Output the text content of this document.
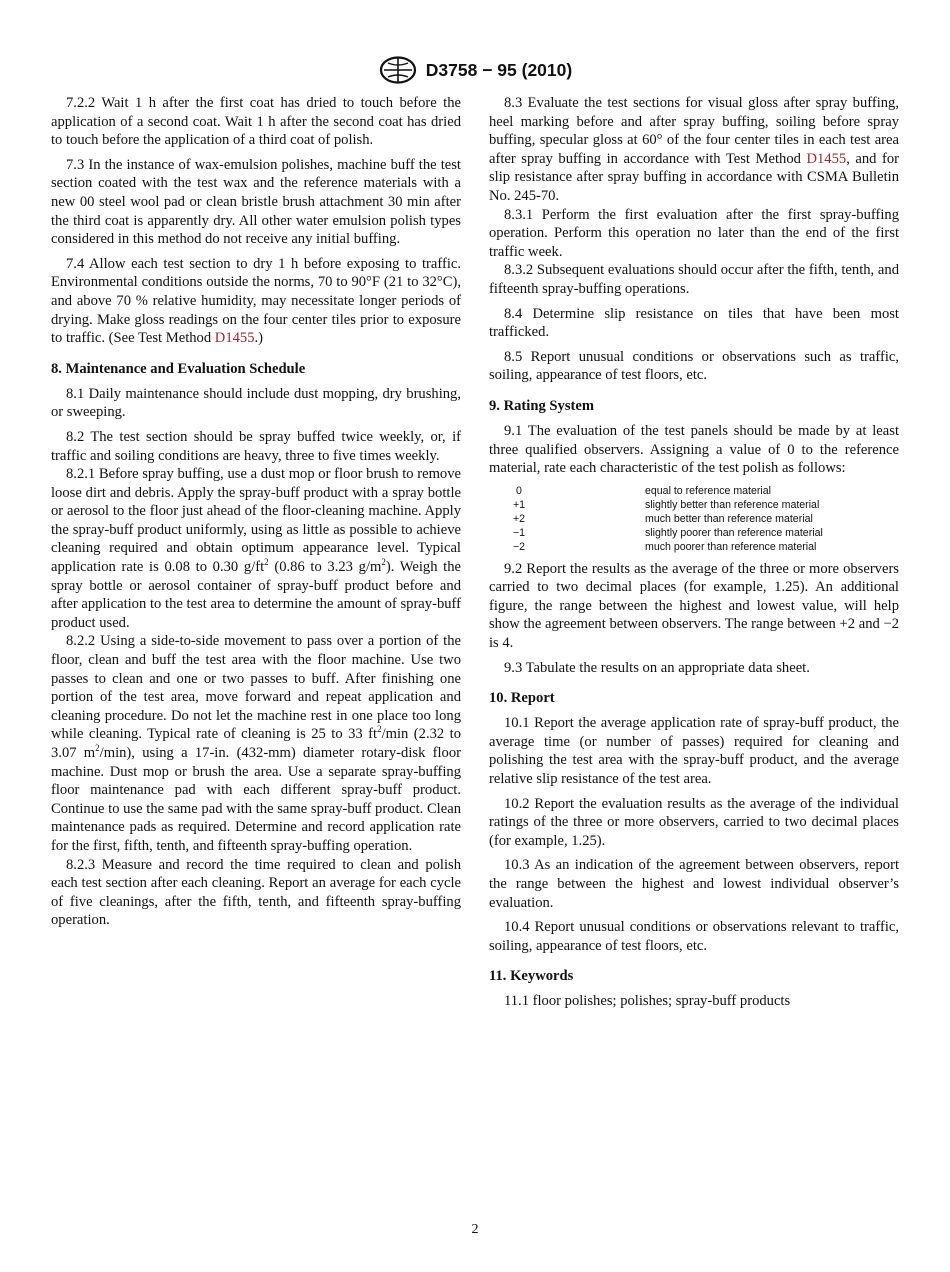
D3758 − 95 (2010)

7.2.2 Wait 1 h after the first coat has dried to touch before the application of a second coat. Wait 1 h after the second coat has dried to touch before the application of a third coat of polish.

7.3 In the instance of wax-emulsion polishes, machine buff the test section coated with the test wax and the reference materials with a new 00 steel wool pad or clean bristle brush attachment 30 min after the third coat is apparently dry. All other water emulsion polish types considered in this method do not receive any initial buffing.

7.4 Allow each test section to dry 1 h before exposing to traffic. Environmental conditions outside the norms, 70 to 90°F (21 to 32°C), and above 70 % relative humidity, may necessitate longer periods of drying. Make gloss readings on the four center tiles prior to exposure to traffic. (See Test Method D1455.)

8. Maintenance and Evaluation Schedule

8.1 Daily maintenance should include dust mopping, dry brushing, or sweeping.

8.2 The test section should be spray buffed twice weekly, or, if traffic and soiling conditions are heavy, three to five times weekly.

8.2.1 Before spray buffing, use a dust mop or floor brush to remove loose dirt and debris. Apply the spray-buff product with a spray bottle or aerosol to the floor just ahead of the floor-cleaning machine. Apply the spray-buff product uniformly, using as little as possible to achieve cleaning required and obtain optimum appearance level. Typical application rate is 0.08 to 0.30 $g/ft^2$ (0.86 to 3.23 $g/m^2$). Weigh the spray bottle or aerosol container of spray-buff product before and after application to the test area to determine the amount of spray-buff product used.

8.2.2 Using a side-to-side movement to pass over a portion of the floor, clean and buff the test area with the floor machine. Use two passes to clean and one or two passes to buff. After finishing one portion of the test area, move forward and repeat application and cleaning procedure. Do not let the machine rest in one place too long while cleaning. Typical rate of cleaning is 25 to 33 $ft^2/\min$ (2.32 to 3.07 $m^2/\min$), using a 17-in. (432-mm) diameter rotary-disk floor machine. Dust mop or brush the area. Use a separate spray-buffing floor maintenance pad with each different spray-buff product. Continue to use the same pad with the same spray-buff product. Clean maintenance pads as required. Determine and record application rate for the first, fifth, tenth, and fifteenth spray-buffing operation.

8.2.3 Measure and record the time required to clean and polish each test section after each cleaning. Report an average for each cycle of five cleanings, after the fifth, tenth, and fifteenth spray-buffing operation.

8.3 Evaluate the test sections for visual gloss after spray buffing, heel marking before and after spray buffing, soiling before spray buffing, specular gloss at 60° of the four center tiles in each test area after spray buffing in accordance with Test Method D1455, and for slip resistance after spray buffing in accordance with CSMA Bulletin No. 245-70.

8.3.1 Perform the first evaluation after the first spray-buffing operation. Perform this operation no later than the end of the first traffic week.

8.3.2 Subsequent evaluations should occur after the fifth, tenth, and fifteenth spray-buffing operations.

8.4 Determine slip resistance on tiles that have been most trafficked.

8.5 Report unusual conditions or observations such as traffic, soiling, appearance of test floors, etc.

9. Rating System

9.1 The evaluation of the test panels should be made by at least three qualified observers. Assigning a value of 0 to the reference material, rate each characteristic of the test polish as follows:

0		equal to reference material
+1		slightly better than reference material
+2		much better than reference material
−1		slightly poorer than reference material
−2		much poorer than reference material

9.2 Report the results as the average of the three or more observers carried to two decimal places (for example, 1.25). An additional figure, the range between the highest and lowest value, will help show the agreement between observers. The range between +2 and −2 is 4.

9.3 Tabulate the results on an appropriate data sheet.

10. Report

10.1 Report the average application rate of spray-buff product, the average time (or number of passes) required for cleaning and polishing the test area with the spray-buff product, and the average relative slip resistance of the test area.

10.2 Report the evaluation results as the average of the individual ratings of the three or more observers, carried to two decimal places (for example, 1.25).

10.3 As an indication of the agreement between observers, report the range between the highest and lowest individual observer’s evaluation.

10.4 Report unusual conditions or observations relevant to traffic, soiling, appearance of test floors, etc.

11. Keywords

11.1 floor polishes; polishes; spray-buff products

2
